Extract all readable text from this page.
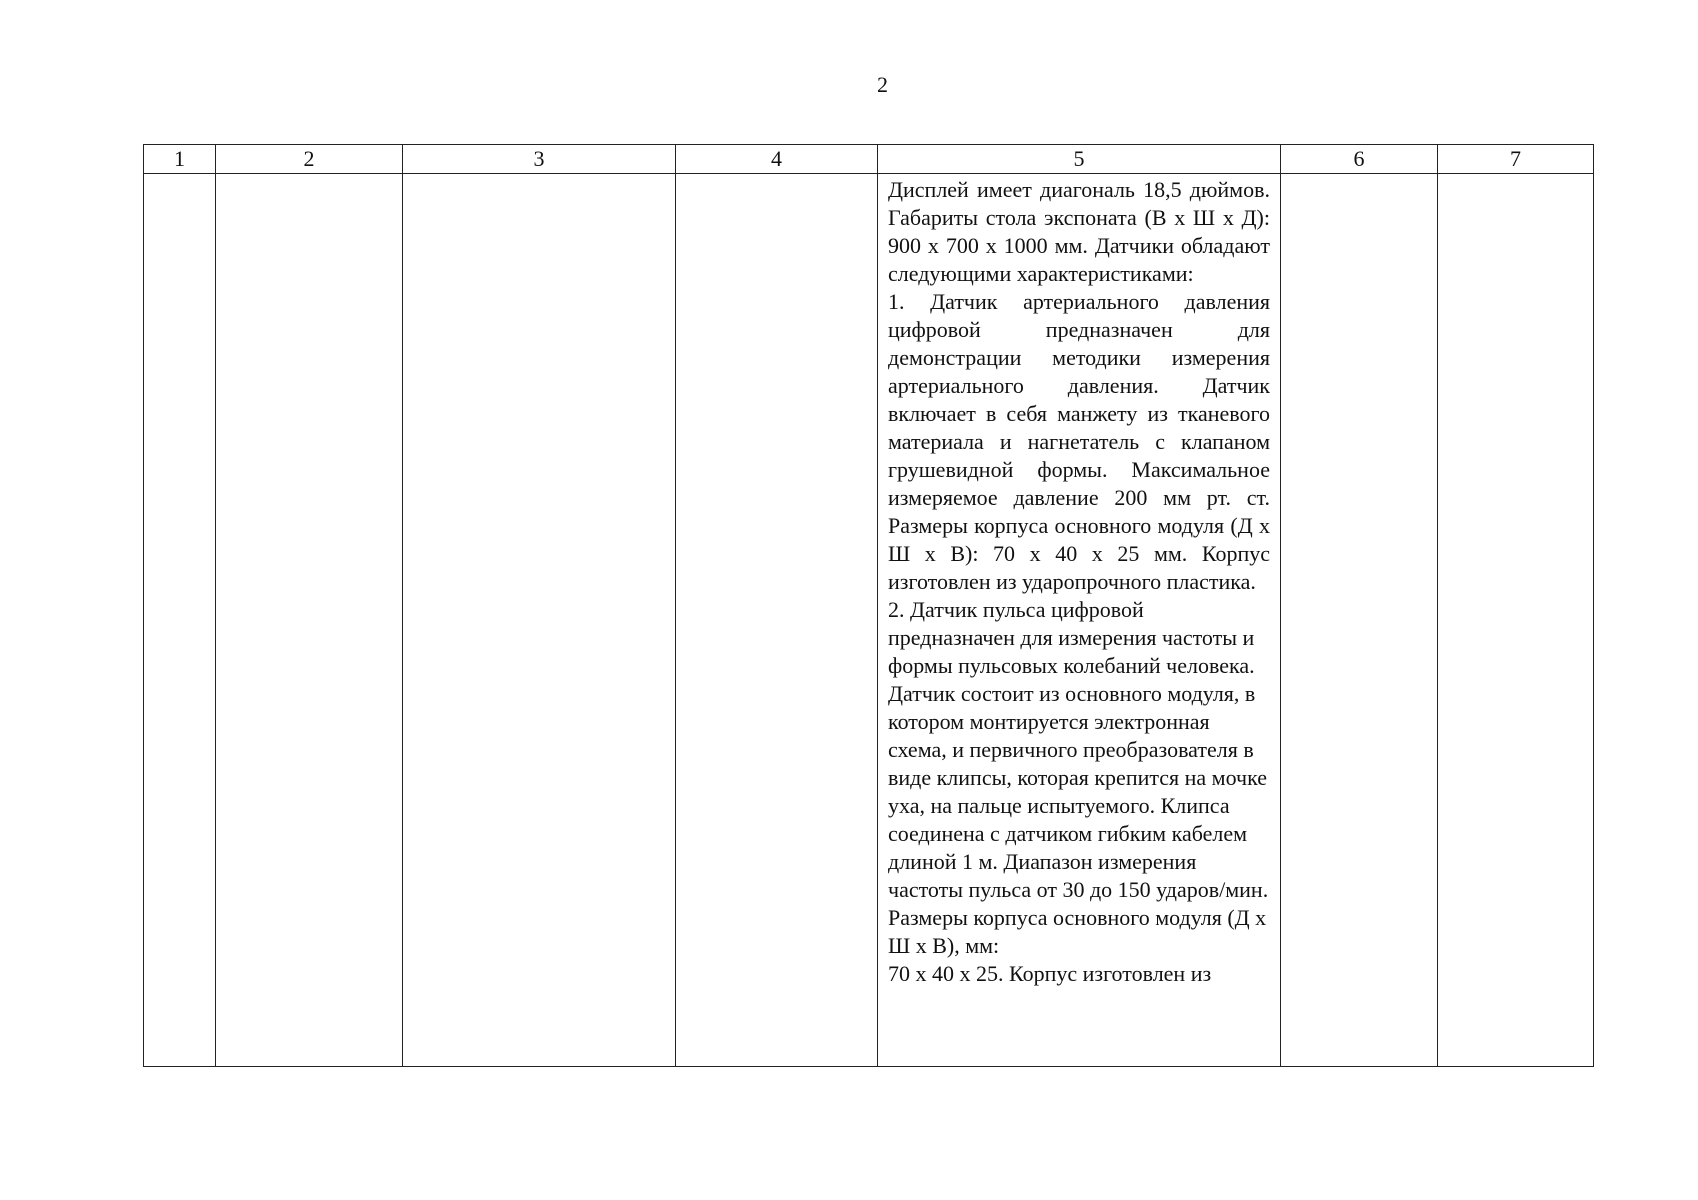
2
1	2	3	4	5	6	7

				Дисплей имеет диагональ 18,5 дюймов. Габариты стола экспоната (В х Ш х Д): 900 х 700 х 1000 мм. Датчики обладают следующими характеристиками:

1. Датчик артериального давления цифровой предназначен для демонстрации методики измерения артериального давления. Датчик включает в себя манжету из тканевого материала и нагнетатель с клапаном грушевидной формы. Максимальное измеряемое давление 200 мм рт. ст. Размеры корпуса основного модуля (Д х Ш х В): 70 х 40 х 25 мм. Корпус изготовлен из ударопрочного пластика.

2. Датчик пульса цифровой предназначен для измерения частоты и формы пульсовых колебаний человека. Датчик состоит из основного модуля, в котором монтируется электронная схема, и первичного преобразователя в виде клипсы, которая крепится на мочке уха, на пальце испытуемого. Клипса соединена с датчиком гибким кабелем длиной 1 м. Диапазон измерения частоты пульса от 30 до 150 ударов/мин. Размеры корпуса основного модуля (Д х Ш х В), мм:

70 х 40 х 25. Корпус изготовлен из		
